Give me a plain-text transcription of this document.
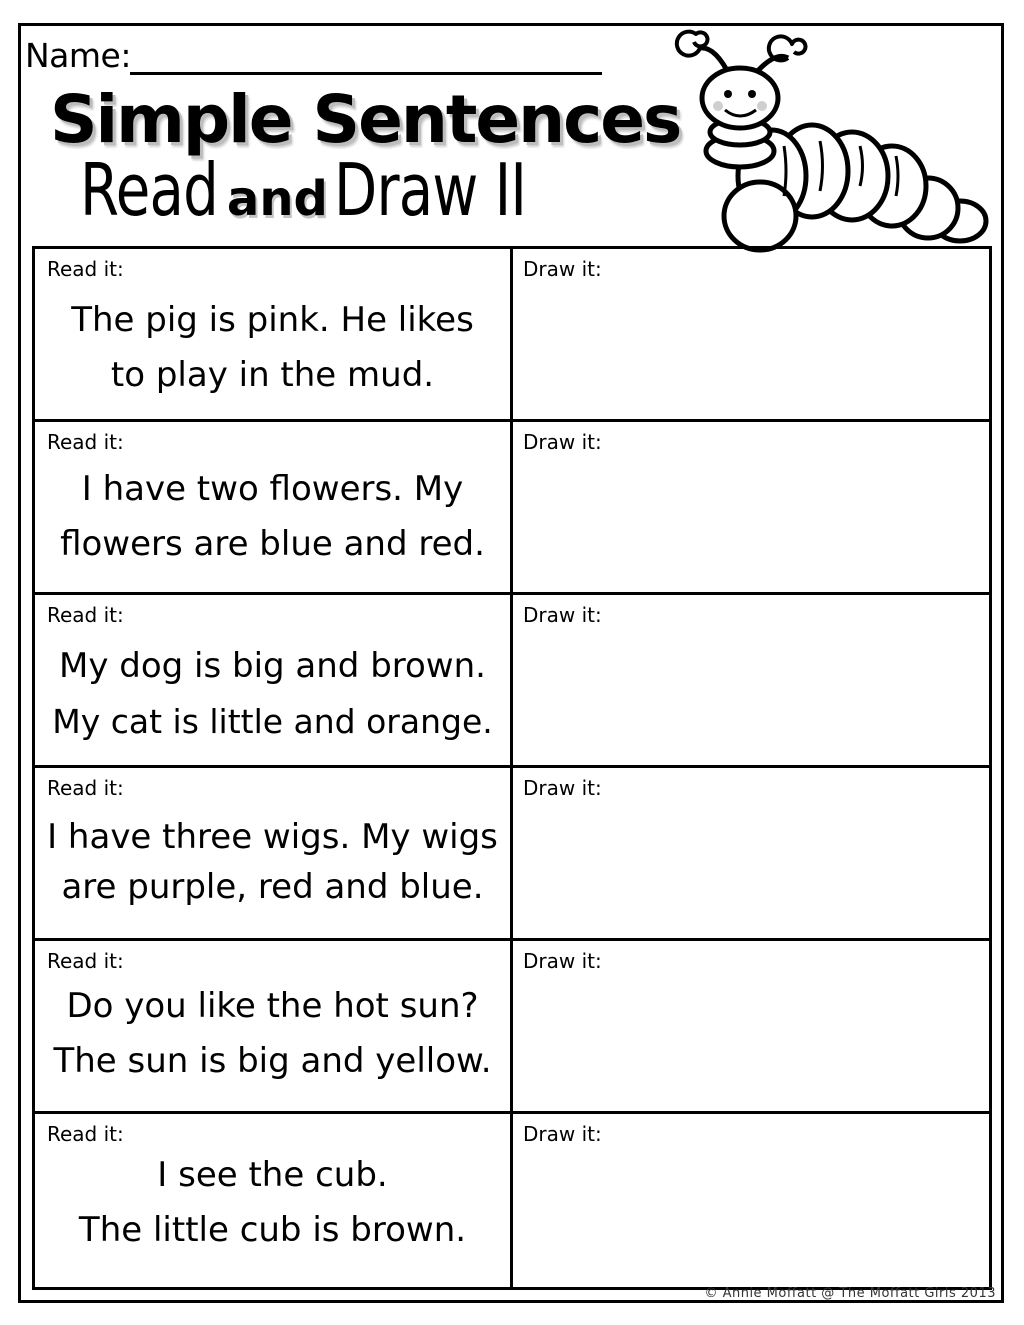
Name:
Simple Sentences
Read and Draw II
Read it:
The pig is pink. He likes
to play in the mud.
Draw it:
Read it:
I have two flowers. My
flowers are blue and red.
Draw it:
Read it:
My dog is big and brown.
My cat is little and orange.
Draw it:
Read it:
I have three wigs. My wigs
are purple, red and blue.
Draw it:
Read it:
Do you like the hot sun?
The sun is big and yellow.
Draw it:
Read it:
I see the cub.
The little cub is brown.
Draw it:
© Annie Moffatt @ The Moffatt Girls 2013
